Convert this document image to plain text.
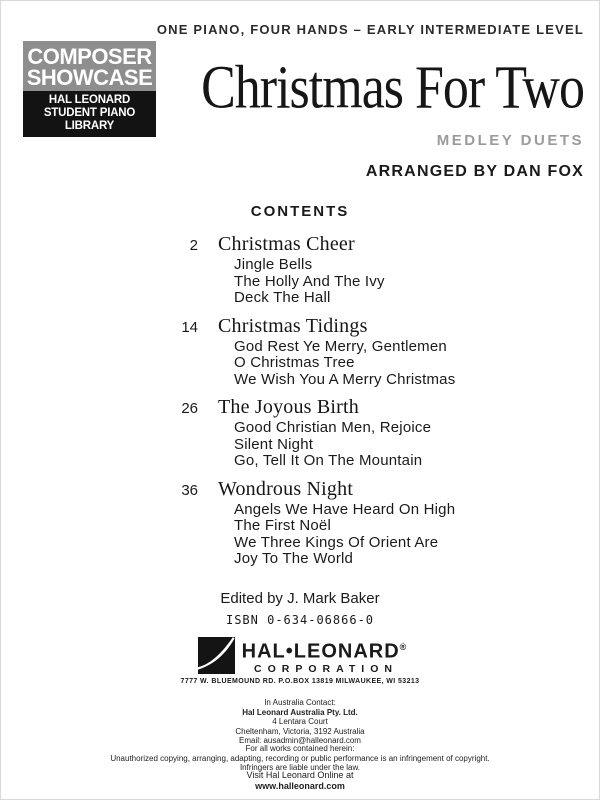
ONE PIANO, FOUR HANDS – EARLY INTERMEDIATE LEVEL
COMPOSER
SHOWCASE
HAL LEONARD
STUDENT PIANO LIBRARY
Christmas For Two
MEDLEY DUETS
ARRANGED BY DAN FOX
CONTENTS
2 Christmas Cheer
Jingle Bells
The Holly And The Ivy
Deck The Hall
14 Christmas Tidings
God Rest Ye Merry, Gentlemen
O Christmas Tree
We Wish You A Merry Christmas
26 The Joyous Birth
Good Christian Men, Rejoice
Silent Night
Go, Tell It On The Mountain
36 Wondrous Night
Angels We Have Heard On High
The First Noël
We Three Kings Of Orient Are
Joy To The World
Edited by J. Mark Baker
ISBN 0-634-06866-0
HAL•LEONARD®
CORPORATION
7777 W. BLUEMOUND RD. P.O.BOX 13819 MILWAUKEE, WI 53213
In Australia Contact:
Hal Leonard Australia Pty. Ltd.
4 Lentara Court
Cheltenham, Victoria, 3192 Australia
Email: ausadmin@halleonard.com
For all works contained herein:
Unauthorized copying, arranging, adapting, recording or public performance is an infringement of copyright.
Infringers are liable under the law.
Visit Hal Leonard Online at
www.halleonard.com
